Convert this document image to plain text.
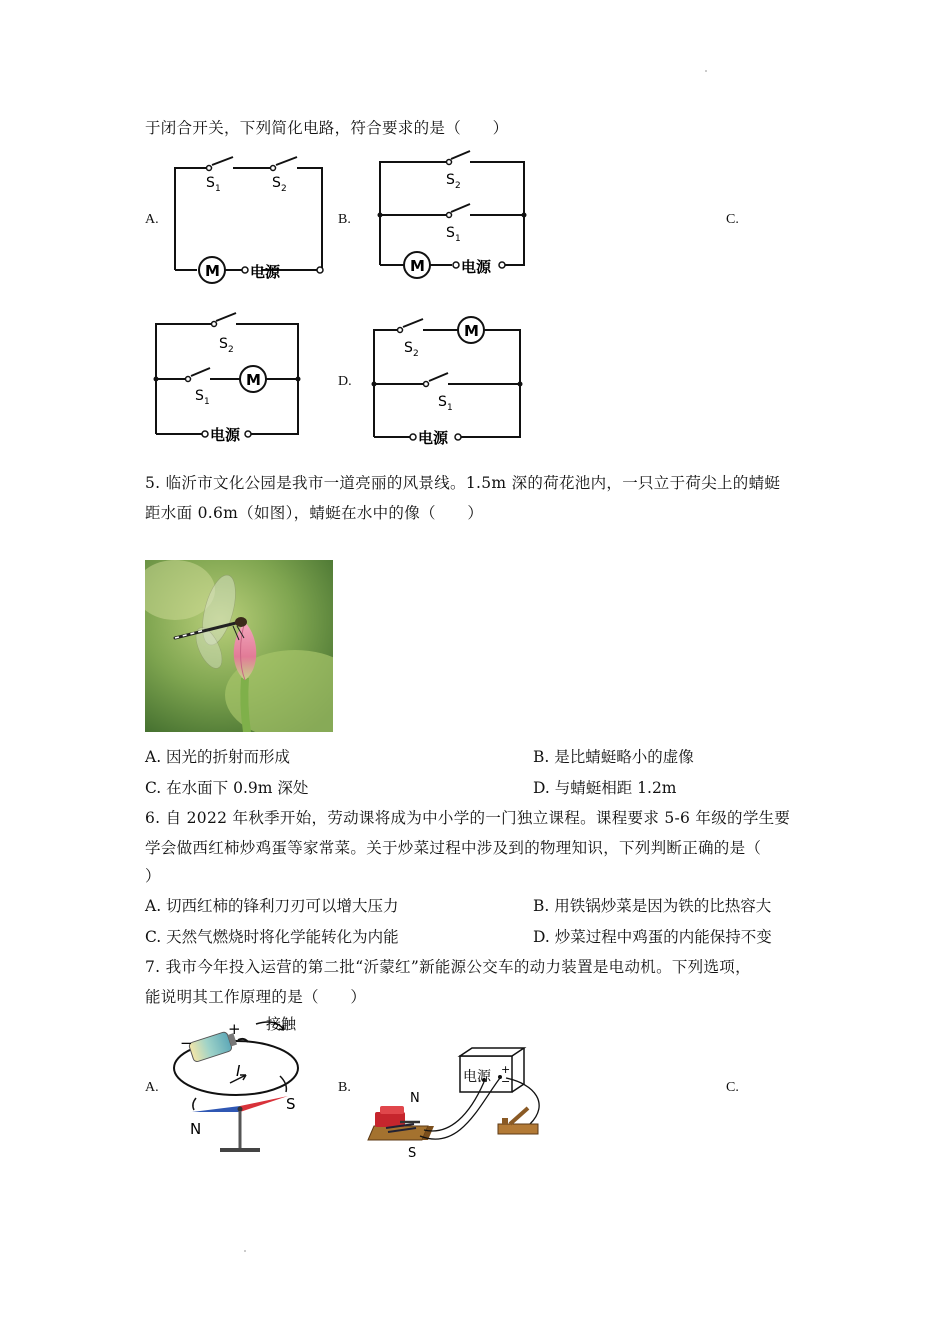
于闭合开关，下列简化电路，符合要求的是（　　）
A.	B.	C.
D.
S 1	S 2
M 电源
S 2
S 1
M 电源
S 2
S 1
M
电源
S 2
S 1
M
电源
5. 临沂市文化公园是我市一道亮丽的风景线。1.5m 深的荷花池内，一只立于荷尖上的蜻蜓
距水面 0.6m（如图），蜻蜓在水中的像（　　）
A. 因光的折射而形成	B. 是比蜻蜓略小的虚像
C. 在水面下 0.9m 深处	D. 与蜻蜓相距 1.2m
6. 自 2022 年秋季开始，劳动课将成为中小学的一门独立课程。课程要求 5-6 年级的学生要
学会做西红柿炒鸡蛋等家常菜。关于炒菜过程中涉及到的物理知识，下列判断正确的是（
）
A. 切西红柿的锋利刀刃可以增大压力	B. 用铁锅炒菜是因为铁的比热容大
C. 天然气燃烧时将化学能转化为内能	D. 炒菜过程中鸡蛋的内能保持不变
7. 我市今年投入运营的第二批“沂蒙红”新能源公交车的动力装置是电动机。下列选项，
能说明其工作原理的是（　　）
A.	B.	C.
接触
+
−
I
N
S
电源 +
−
N
S
